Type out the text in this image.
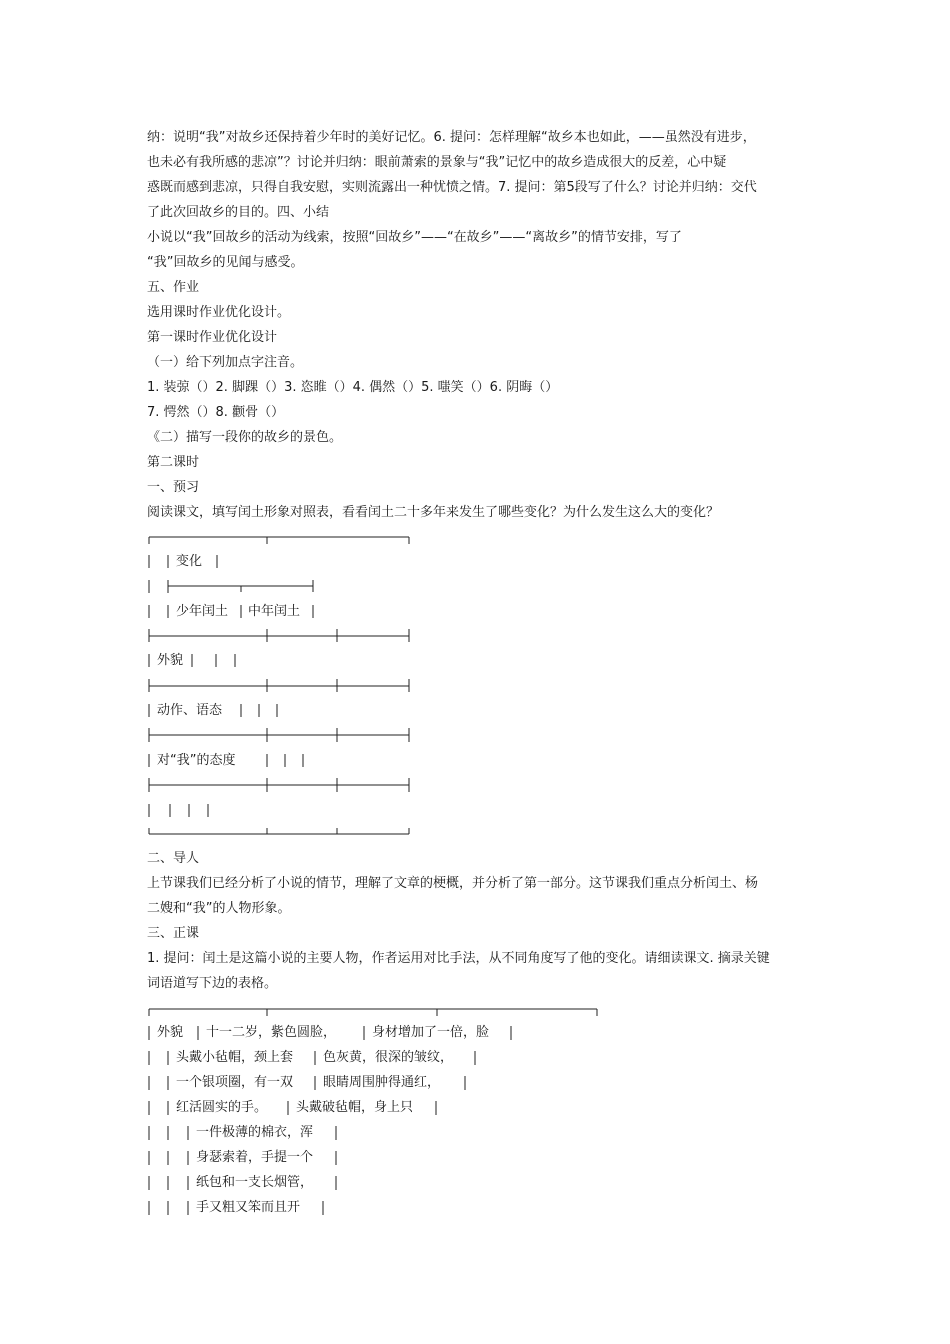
纳：说明“我”对故乡还保持着少年时的美好记忆。6. 提问：怎样理解“故乡本也如此，——虽然没有进步，
也未必有我所感的悲凉”？讨论并归纳：眼前萧索的景象与“我”记忆中的故乡造成很大的反差，心中疑
惑既而感到悲凉，只得自我安慰，实则流露出一种忧愤之情。7. 提问：第5段写了什么？讨论并归纳：交代
了此次回故乡的目的。四、小结
小说以“我”回故乡的活动为线索，按照“回故乡”——“在故乡”——“离故乡”的情节安排，写了
“我”回故乡的见闻与感受。
五、作业
选用课时作业优化设计。
第一课时作业优化设计
（一）给下列加点字注音。
1. 装弶（）2. 脚踝（）3. 恣睢（）4. 偶然（）5. 嗤笑（）6. 阴晦（）
7. 愕然（）8. 颧骨（）
《二）描写一段你的故乡的景色。
第二课时
一、预习
阅读课文，填写闰土形象对照表，看看闰土二十多年来发生了哪些变化？为什么发生这么大的变化？
变化
少年闰土 中年闰土
外貌
动作、语态
对“我”的态度
二、导人
上节课我们已经分析了小说的情节，理解了文章的梗概，并分析了第一部分。这节课我们重点分析闰土、杨
二嫂和“我”的人物形象。
三、正课
1. 提问：闰土是这篇小说的主要人物，作者运用对比手法，从不同角度写了他的变化。请细读课文. 摘录关键
词语道写下边的表格。
外貌 十一二岁，紫色圆脸，	身材增加了一倍，脸
头戴小毡帽，颈上套 色灰黄，很深的皱纹，
一个银项圈，有一双 眼睛周围肿得通红，
红活圆实的手。 头戴破毡帽，身上只
一件极薄的棉衣，浑
身瑟索着，手提一个
纸包和一支长烟管，
手又粗又笨而且开
